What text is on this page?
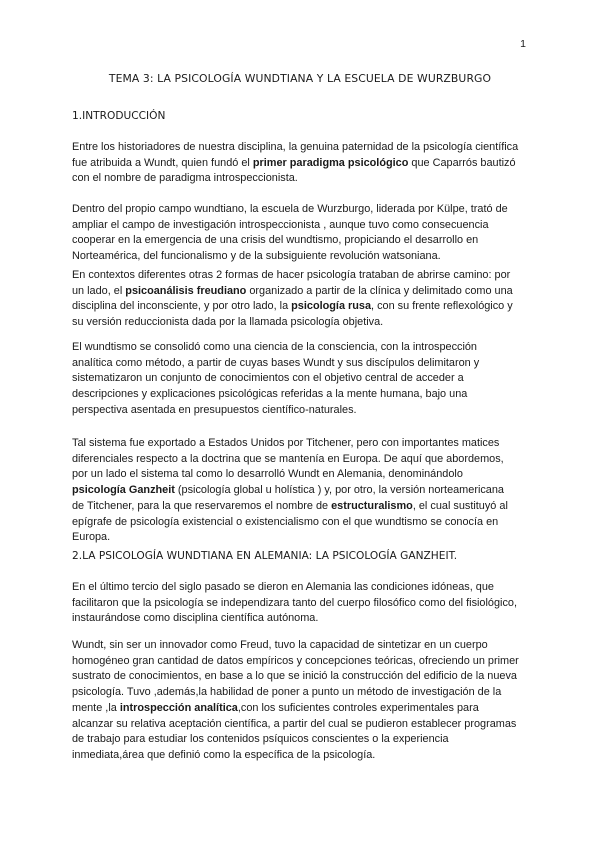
1
TEMA 3: LA PSICOLOGÍA WUNDTIANA Y LA ESCUELA DE WURZBURGO
1.INTRODUCCIÓN

Entre los historiadores de nuestra disciplina, la genuina paternidad de la psicología científica
fue atribuida a Wundt, quien fundó el primer paradigma psicológico que Caparrós bautizó
con el nombre de paradigma introspeccionista.

Dentro del propio campo wundtiano, la escuela de Wurzburgo, liderada por Külpe, trató de
ampliar el campo de investigación introspeccionista , aunque tuvo como consecuencia
cooperar en la emergencia de una crisis del wundtismo, propiciando el desarrollo en
Norteamérica, del funcionalismo y de la subsiguiente revolución watsoniana.

En contextos diferentes otras 2 formas de hacer psicología trataban de abrirse camino: por
un lado, el psicoanálisis freudiano organizado a partir de la clínica y delimitado como una
disciplina del inconsciente, y por otro lado, la psicología rusa, con su frente reflexológico y
su versión reduccionista dada por la llamada psicología objetiva.

El wundtismo se consolidó como una ciencia de la consciencia, con la introspección
analítica como método, a partir de cuyas bases Wundt y sus discípulos delimitaron y
sistematizaron un conjunto de conocimientos con el objetivo central de acceder a
descripciones y explicaciones psicológicas referidas a la mente humana, bajo una
perspectiva asentada en presupuestos científico-naturales.

Tal sistema fue exportado a Estados Unidos por Titchener, pero con importantes matices
diferenciales respecto a la doctrina que se mantenía en Europa. De aquí que abordemos,
por un lado el sistema tal como lo desarrolló Wundt en Alemania, denominándolo
psicología Ganzheit (psicología global u holística ) y, por otro, la versión norteamericana
de Titchener, para la que reservaremos el nombre de estructuralismo, el cual sustituyó al
epígrafe de psicología existencial o existencialismo con el que wundtismo se conocía en
Europa.

2.LA PSICOLOGÍA WUNDTIANA EN ALEMANIA: LA PSICOLOGÍA GANZHEIT.

En el último tercio del siglo pasado se dieron en Alemania las condiciones idóneas, que
facilitaron que la psicología se independizara tanto del cuerpo filosófico como del fisiológico,
instaurándose como disciplina científica autónoma.

Wundt, sin ser un innovador como Freud, tuvo la capacidad de sintetizar en un cuerpo
homogéneo gran cantidad de datos empíricos y concepciones teóricas, ofreciendo un primer
sustrato de conocimientos, en base a lo que se inició la construcción del edificio de la nueva
psicología. Tuvo ,además,la habilidad de poner a punto un método de investigación de la
mente ,la introspección analítica,con los suficientes controles experimentales para
alcanzar su relativa aceptación científica, a partir del cual se pudieron establecer programas
de trabajo para estudiar los contenidos psíquicos conscientes o la experiencia
inmediata,área que definió como la específica de la psicología.
